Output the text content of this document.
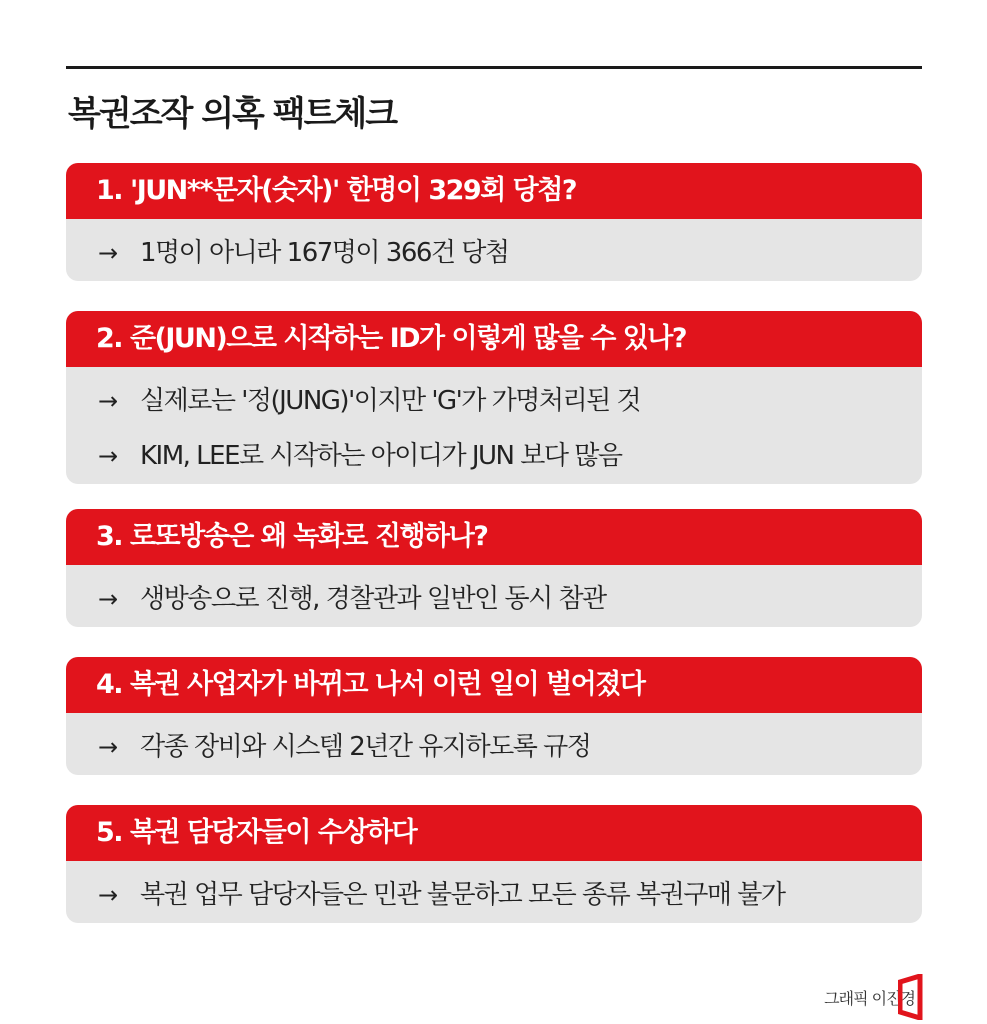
복권조작 의혹 팩트체크
1. 'JUN**문자(숫자)' 한명이 329회 당첨?
→ 1명이 아니라 167명이 366건 당첨
2. 준(JUN)으로 시작하는 ID가 이렇게 많을 수 있나?
→ 실제로는 '정(JUNG)'이지만 'G'가 가명처리된 것
→ KIM, LEE로 시작하는 아이디가 JUN 보다 많음
3. 로또방송은 왜 녹화로 진행하나?
→ 생방송으로 진행, 경찰관과 일반인 동시 참관
4. 복권 사업자가 바뀌고 나서 이런 일이 벌어졌다
→ 각종 장비와 시스템 2년간 유지하도록 규정
5. 복권 담당자들이 수상하다
→ 복권 업무 담당자들은 민관 불문하고 모든 종류 복권구매 불가
그래픽 이진경
